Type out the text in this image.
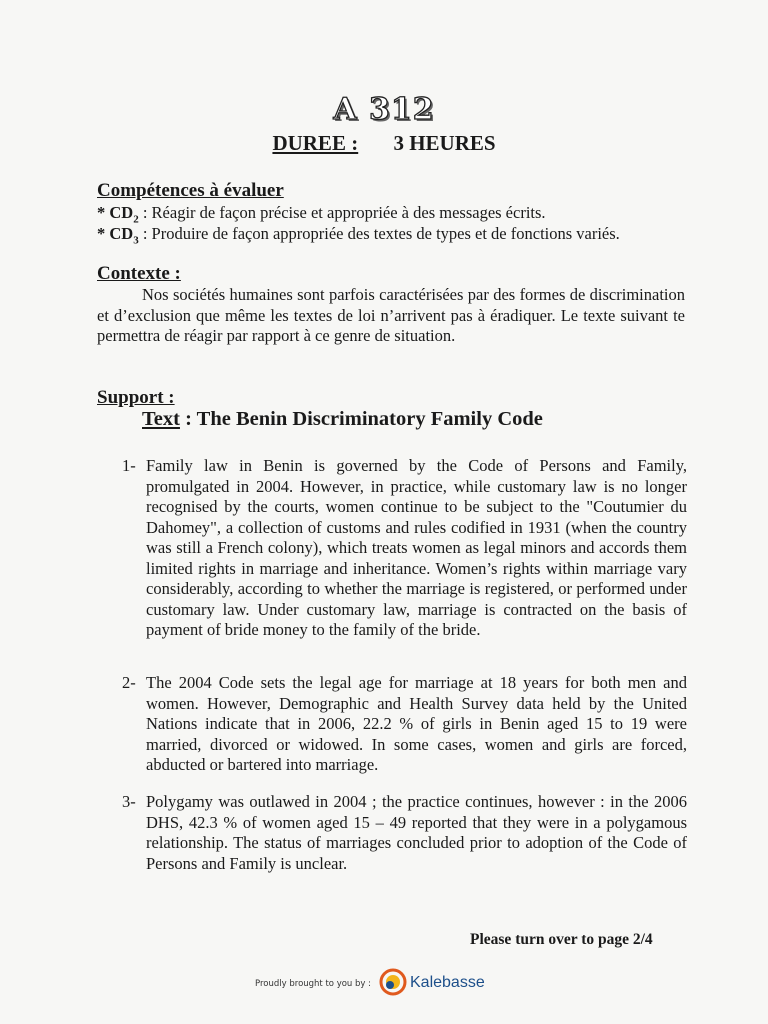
A 312
DUREE : 3 HEURES
Compétences à évaluer
* $CD_2$ : Réagir de façon précise et appropriée à des messages écrits.
* $CD_3$ : Produire de façon appropriée des textes de types et de fonctions variés.
Contexte :
Nos sociétés humaines sont parfois caractérisées par des formes de discrimination et d’exclusion que même les textes de loi n’arrivent pas à éradiquer. Le texte suivant te permettra de réagir par rapport à ce genre de situation.
Support :
Text : The Benin Discriminatory Family Code
1- Family law in Benin is governed by the Code of Persons and Family, promulgated in 2004. However, in practice, while customary law is no longer recognised by the courts, women continue to be subject to the "Coutumier du Dahomey", a collection of customs and rules codified in 1931 (when the country was still a French colony), which treats women as legal minors and accords them limited rights in marriage and inheritance. Women’s rights within marriage vary considerably, according to whether the marriage is registered, or performed under customary law. Under customary law, marriage is contracted on the basis of payment of bride money to the family of the bride.
2- The 2004 Code sets the legal age for marriage at 18 years for both men and women. However, Demographic and Health Survey data held by the United Nations indicate that in 2006, 22.2 % of girls in Benin aged 15 to 19 were married, divorced or widowed. In some cases, women and girls are forced, abducted or bartered into marriage.
3- Polygamy was outlawed in 2004 ; the practice continues, however : in the 2006 DHS, 42.3 % of women aged 15 – 49 reported that they were in a polygamous relationship. The status of marriages concluded prior to adoption of the Code of Persons and Family is unclear.
Please turn over to page 2/4
Proudly brought to you by : Kalebasse
